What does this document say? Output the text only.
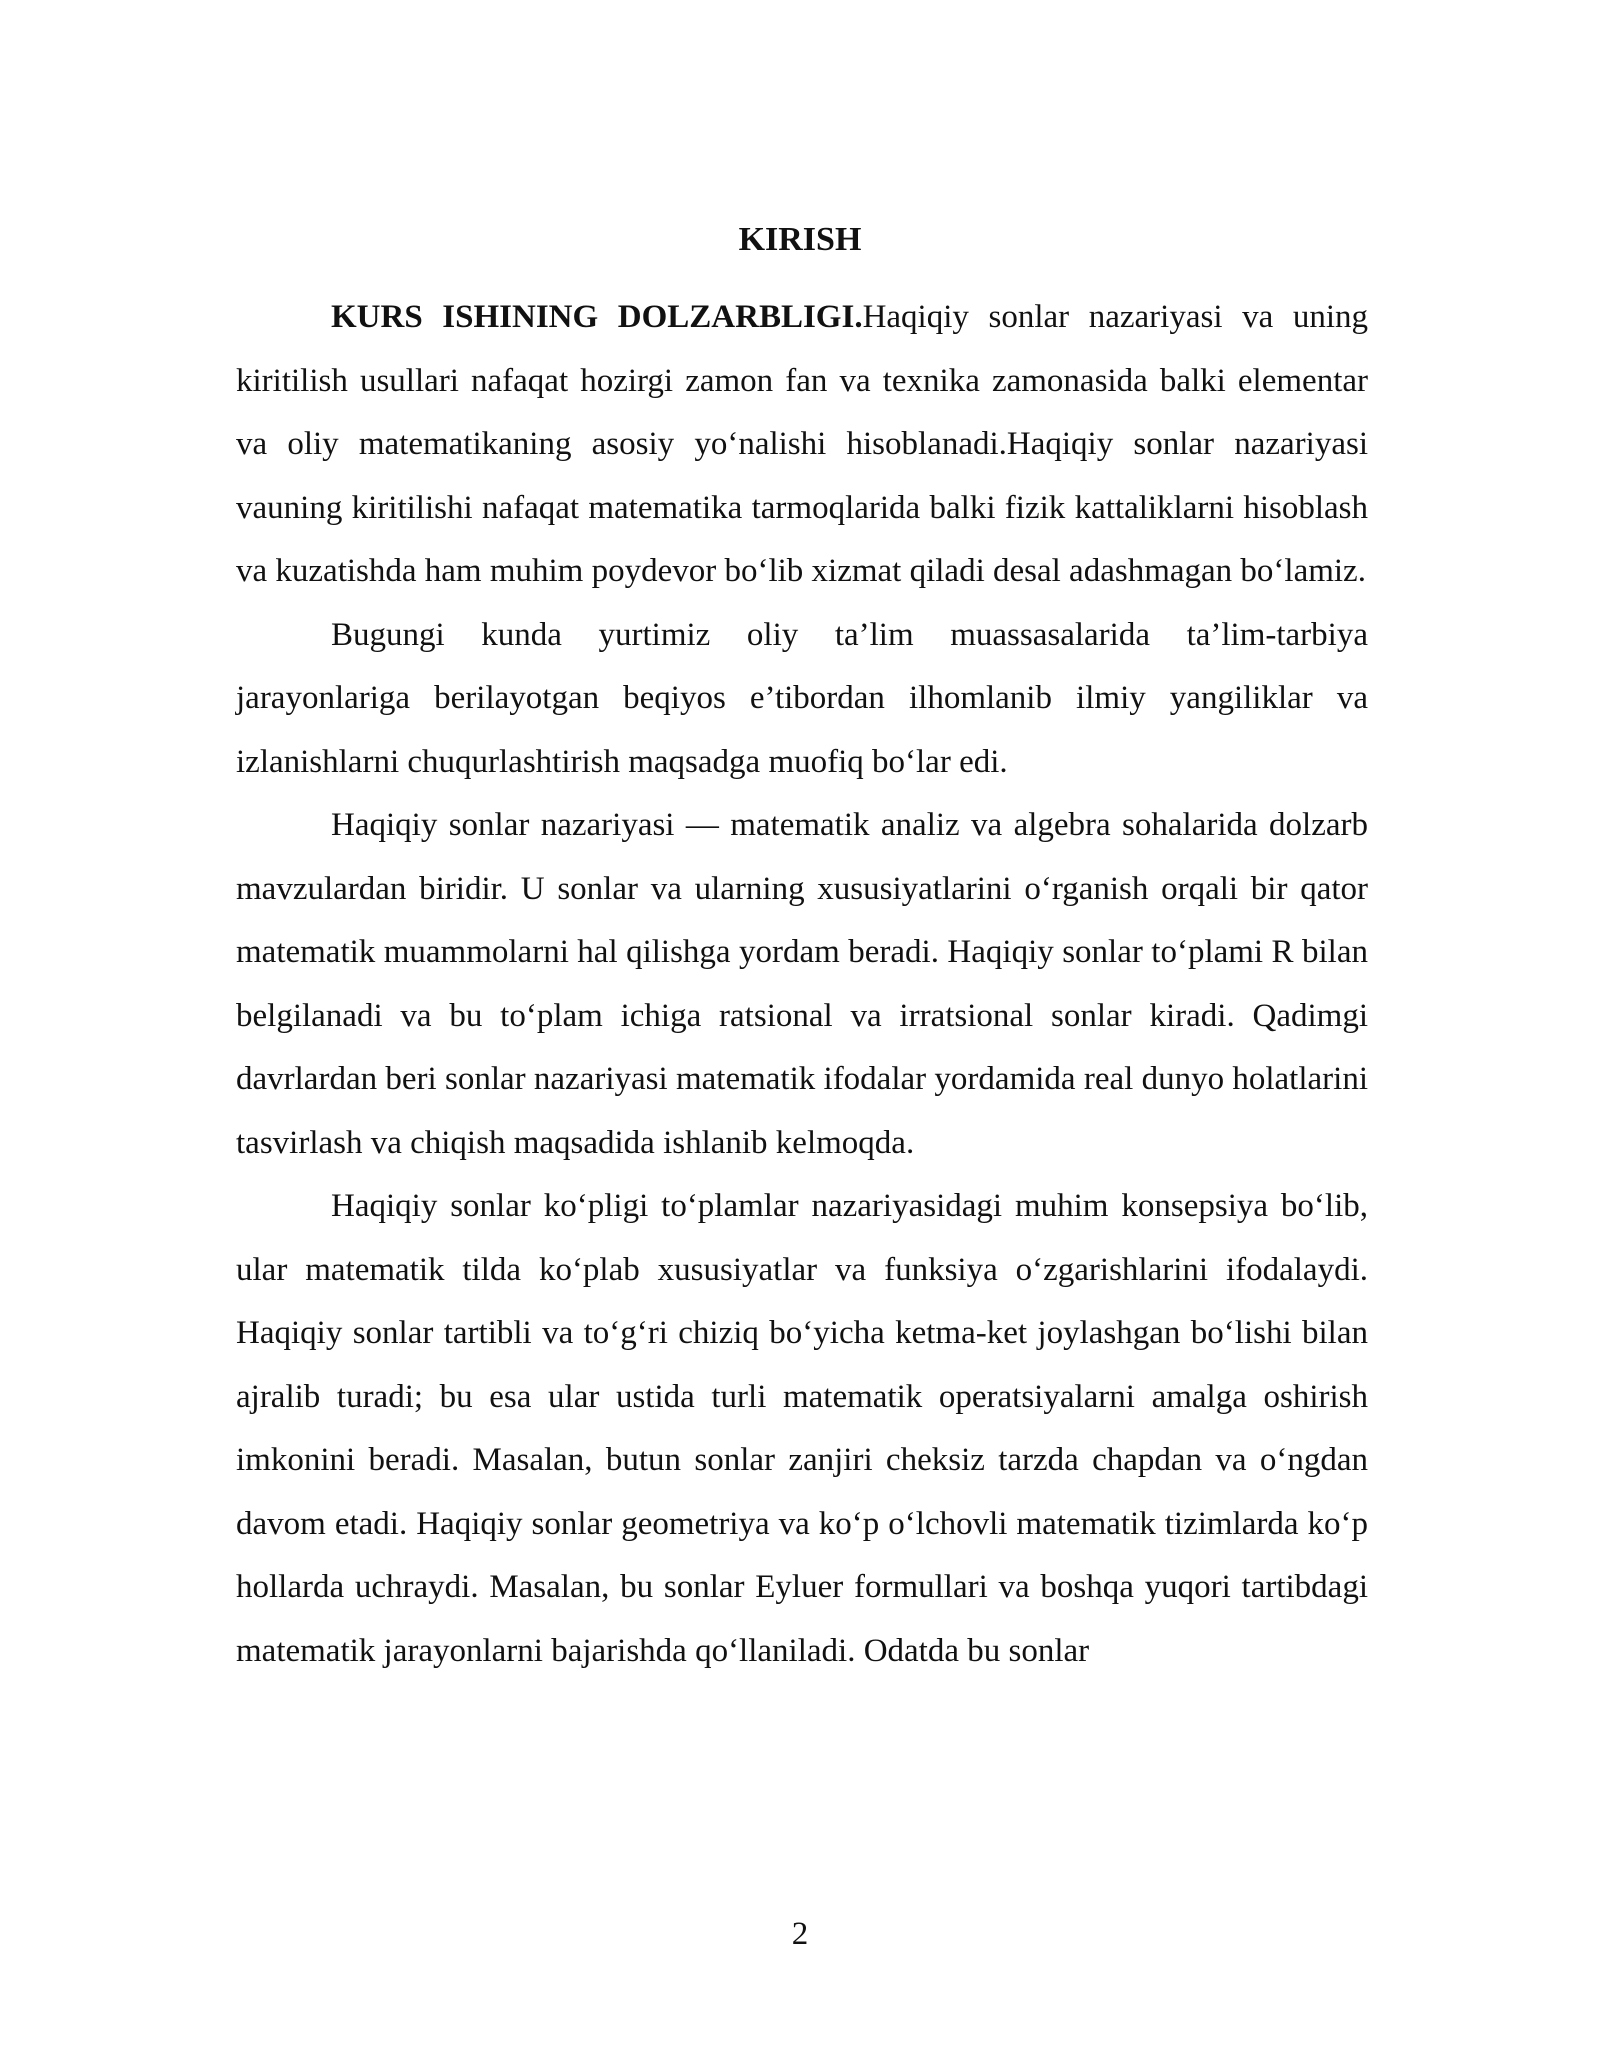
KIRISH

KURS ISHINING DOLZARBLIGI.Haqiqiy sonlar nazariyasi va uning kiritilish usullari nafaqat hozirgi zamon fan va texnika zamonasida balki elementar va oliy matematikaning asosiy yoʻnalishi hisoblanadi.Haqiqiy sonlar nazariyasi vauning kiritilishi nafaqat matematika tarmoqlarida balki fizik kattaliklarni hisoblash va kuzatishda ham muhim poydevor boʻlib xizmat qiladi desal adashmagan boʻlamiz.

Bugungi kunda yurtimiz oliy ta’lim muassasalarida ta’lim-tarbiya jarayonlariga berilayotgan beqiyos e’tibordan ilhomlanib ilmiy yangiliklar va izlanishlarni chuqurlashtirish maqsadga muofiq boʻlar edi.

Haqiqiy sonlar nazariyasi — matematik analiz va algebra sohalarida dolzarb mavzulardan biridir. U sonlar va ularning xususiyatlarini oʻrganish orqali bir qator matematik muammolarni hal qilishga yordam beradi. Haqiqiy sonlar toʻplami R bilan belgilanadi va bu toʻplam ichiga ratsional va irratsional sonlar kiradi. Qadimgi davrlardan beri sonlar nazariyasi matematik ifodalar yordamida real dunyo holatlarini tasvirlash va chiqish maqsadida ishlanib kelmoqda.

Haqiqiy sonlar koʻpligi toʻplamlar nazariyasidagi muhim konsepsiya boʻlib, ular matematik tilda koʻplab xususiyatlar va funksiya oʻzgarishlarini ifodalaydi. Haqiqiy sonlar tartibli va toʻgʻri chiziq boʻyicha ketma-ket joylashgan boʻlishi bilan ajralib turadi; bu esa ular ustida turli matematik operatsiyalarni amalga oshirish imkonini beradi. Masalan, butun sonlar zanjiri cheksiz tarzda chapdan va oʻngdan davom etadi. Haqiqiy sonlar geometriya va koʻp oʻlchovli matematik tizimlarda koʻp hollarda uchraydi. Masalan, bu sonlar Eyluer formullari va boshqa yuqori tartibdagi matematik jarayonlarni bajarishda qoʻllaniladi. Odatda bu sonlar

2
